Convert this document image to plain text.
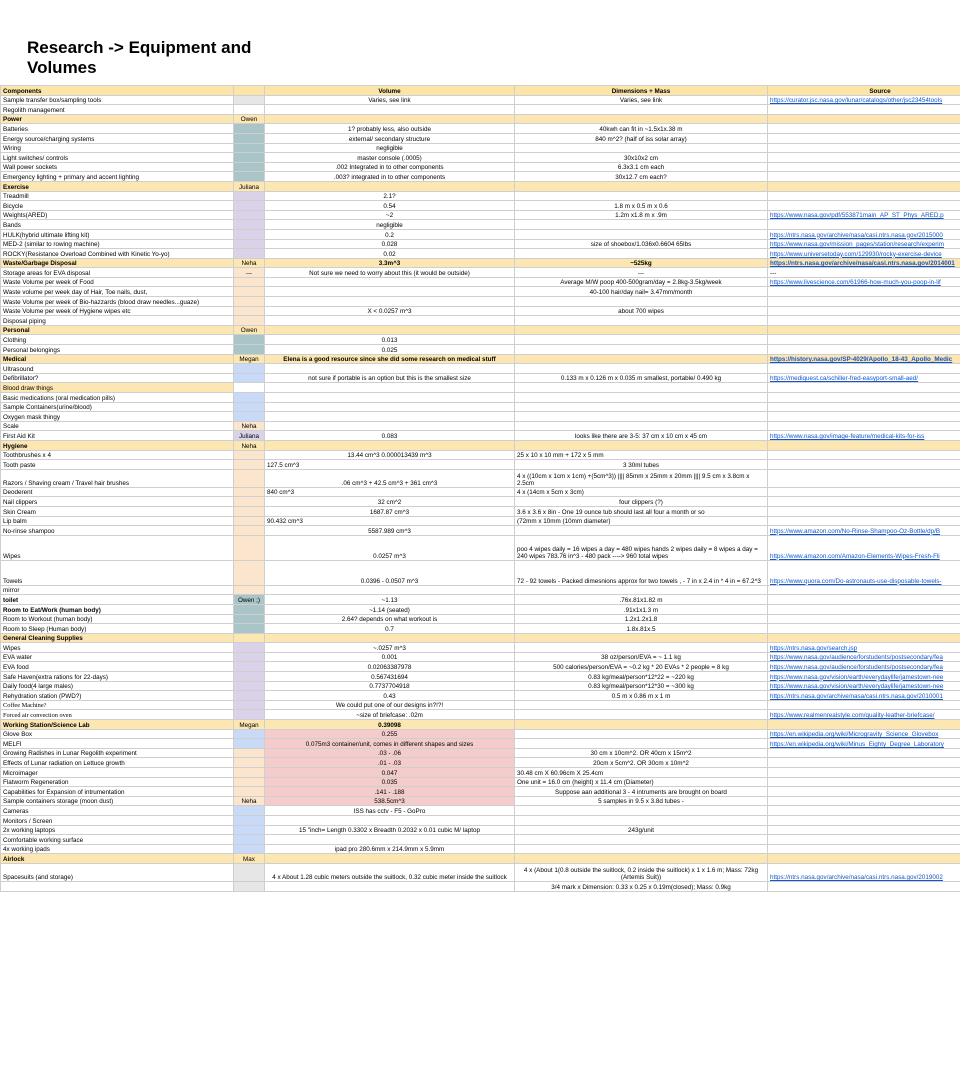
Research -> Equipment and Volumes
Components		Volume	Dimensions + Mass	Source
Sample transfer box/sampling tools		Varies, see link	Varies, see link	https://curator.jsc.nasa.gov/lunar/catalogs/other/jsc23454tools
Regolith management				
Power	Owen			
Batteries		1? probably less, also outside	40kwh can fit in ~1.5x1x.38 m	
Energy source/charging systems		external/ secondary structure	840 m^2? (half of iss solar array)	
Wiring		negligible		
Light switches/ controls		master console (.0005)	30x10x2 cm	
Wall power sockets		.002 Integrated in to other components	6.3x3.1 cm each	
Emergency lighting + primary and accent lighting		.003? integrated in to other components	30x12.7 cm each?	
Exercise	Juliana			
Treadmill		2.1?		
Bicycle		0.54	1.8 m x 0.5 m x 0.6	
Weights(ARED)		~2	1.2m x1.8 m x .9m	https://www.nasa.gov/pdf/553871main_AP_ST_Phys_ARED.p
Bands		negligible		
HULK(hybrid ultimate lifting kit)		0.2		https://ntrs.nasa.gov/archive/nasa/casi.ntrs.nasa.gov/2015000
MED-2 (similar to rowing machine)		0.028	size of shoebox/1.036x0.6604 65lbs	https://www.nasa.gov/mission_pages/station/research/experim
ROCKY(Resistance Overload Combined with Kinetic Yo-yo)		0.02		https://www.universetoday.com/129930/rocky-exercise-device
Waste/Garbage Disposal	Neha	3.3m^3	~525kg	https://ntrs.nasa.gov/archive/nasa/casi.ntrs.nasa.gov/2014001
Storage areas for EVA disposal	---	Not sure we need to worry about this (it would be outside)	---	---
Waste Volume per week of Food			Average M/W poop 400-500gram/day = 2.8kg-3.5kg/week	https://www.livescience.com/61966-how-much-you-poop-in-lif
Waste volume per week day of Hair, Toe nails, dust,			40-100 hair/day nail= 3.47mm/month	
Waste Volume per week of Bio-hazzards (blood draw needles...guaze)				
Waste Volume per week of Hygiene wipes etc		X < 0.0257 m^3	about 700 wipes	
Disposal piping				
Personal	Owen			
Clothing		0.013		
Personal belongings		0.025		
Medical	Megan	Elena is a good resource since she did some research on medical stuff		https://history.nasa.gov/SP-4029/Apollo_18-43_Apollo_Medic
Ultrasound				
Defibrillator?		not sure if portable is an option but this is the smallest size	0.133 m x 0.126 m x 0.035 m smallest, portable/ 0.490 kg	https://mediquest.ca/schiller-fred-easyport-small-aed/
Blood draw things				
Basic medications (oral medication pills)				
Sample Containers(urine/blood)				
Oxygen mask thingy				
Scale	Neha			
First Aid Kit	Juliana	0.083	looks like there are 3-5: 37 cm x 10 cm x 45 cm	https://www.nasa.gov/image-feature/medical-kits-for-iss
Hygiene	Neha			
Toothbrushes x 4		13.44 cm^3 0.000013439 m^3	25 x 10 x 10 mm + 172 x 5 mm	
Tooth paste		127.5 cm^3	3 30ml tubes	
Razors / Shaving cream / Travel hair brushes		.06 cm^3 + 42.5 cm^3 + 361 cm^3	4 x ((10cm x 1cm x 1cm) +(5cm^3)) |||| 85mm x 25mm x 20mm |||| 9.5 cm x 3.8cm x 2.5cm	
Deoderent		840 cm^3	4 x (14cm x 5cm x 3cm)	
Nail clippers		32 cm^2	four clippers (?)	
Skin Cream		1687.87 cm^3	3.6 x 3.6 x 8in - One 19 ounce tub should last all four a month or so	
Lip balm		90.432 cm^3	(72mm x 10mm (10mm diameter)	
No-rinse shampoo		5587.989 cm^3		https://www.amazon.com/No-Rinse-Shampoo-Oz-Bottle/dp/B
Wipes		0.0257 m^3	poo 4 wipes daily = 16 wipes a day = 480 wipes hands 2 wipes daily = 8 wipes a day = 240 wipes 783.76 in^3 - 480 pack ----> 960 total wipes	https://www.amazon.com/Amazon-Elements-Wipes-Fresh-Fli
Towels		0.0396 - 0.0507 m^3	72 - 92 towels - Packed dimesnions approx for two towels , - 7 in x 2.4 in * 4 in = 67.2^3	https://www.quora.com/Do-astronauts-use-disposable-towels-
mirror				
toilet	Owen ;)	~1.13	.76x.81x1.82 m	
Room to Eat/Work (human body)		~1.14 (seated)	.91x1x1.3 m	
Room to Workout (human body)		2.64? depends on what workout is	1.2x1.2x1.8	
Room to Sleep (Human body)		0.7	1.8x.81x.5	
General Cleaning Supplies				
Wipes		~.0257 m^3		https://ntrs.nasa.gov/search.jsp
EVA water		0.001	38 oz/person/EVA = ~ 1.1 kg	https://www.nasa.gov/audience/forstudents/postsecondary/fea
EVA food		0.02063387978	500 calories/person/EVA = ~0.2 kg * 20 EVAs * 2 people = 8 kg	https://www.nasa.gov/audience/forstudents/postsecondary/fea
Safe Haven(extra rations for 22-days)		0.567431694	0.83 kg/meal/person*12*22 = ~220 kg	https://www.nasa.gov/vision/earth/everydaylife/jamestown-nee
Daily food(4 large males)		0.7737704918	0.83 kg/meal/person*12*30 = ~300 kg	https://www.nasa.gov/vision/earth/everydaylife/jamestown-nee
Rehydration station (PWD?)		0.43	0.5 m x 0.86 m x 1 m	https://ntrs.nasa.gov/archive/nasa/casi.ntrs.nasa.gov/2010001
Coffee Machine?		We could put one of our designs in?!?!		
Forced air convection oven		~size of briefcase: .02m		https://www.realmenrealstyle.com/quality-leather-briefcase/
Working Station/Science Lab	Megan	0.39098		
Glove Box		0.255		https://en.wikipedia.org/wiki/Microgravity_Science_Glovebox
MELFI		0.075m3 container/unit, comes in different shapes and sizes		https://en.wikipedia.org/wiki/Minus_Eighty_Degree_Laboratory
Growing Radishes in Lunar Regolith experiment		.03 - .06	30 cm x 10cm^2. OR 40cm x 15m^2	
Effects of Lunar radiation on Lettuce growth		.01 - .03	20cm x 5cm^2. OR 30cm x 10m^2	
Microimager		0.047	30.48 cm X 60.96cm X 25.4cm	
Flatworm Regeneration		0.035	One unit = 16.0 cm (height) x 11.4 cm (Diameter)	
Capabilities for Expansion of intrumentation		.141 - .188	Suppose aan additional 3 - 4 intruments are brought on board	
Sample containers storage (moon dust)	Neha	538.5cm^3	5 samples in 9.5 x 3.8d tubes -	
Cameras		ISS has cctv - F5 - GoPro		
Monitors / Screen				
2x working laptops		15 "inch= Length 0.3302 x Breadth 0.2032 x 0.01 cubic M/ laptop	243g/unit	
Comfortable working surface				
4x working ipads		ipad pro 280.6mm x 214.9mm x 5.9mm		
Airlock	Max			
Spacesuits (and storage)		4 x About 1.28 cubic meters outside the suitlock, 0.32 cubic meter inside the suitlock	4 x (About 1(0.8 outside the suitlock, 0.2 inside the suitlock) x 1 x 1.6 m; Mass: 72kg (Artemis Suit))	https://ntrs.nasa.gov/archive/nasa/casi.ntrs.nasa.gov/2019002
			3/4 mark x Dimension: 0.33 x 0.25 x 0.19m(closed); Mass: 0.9kg	
